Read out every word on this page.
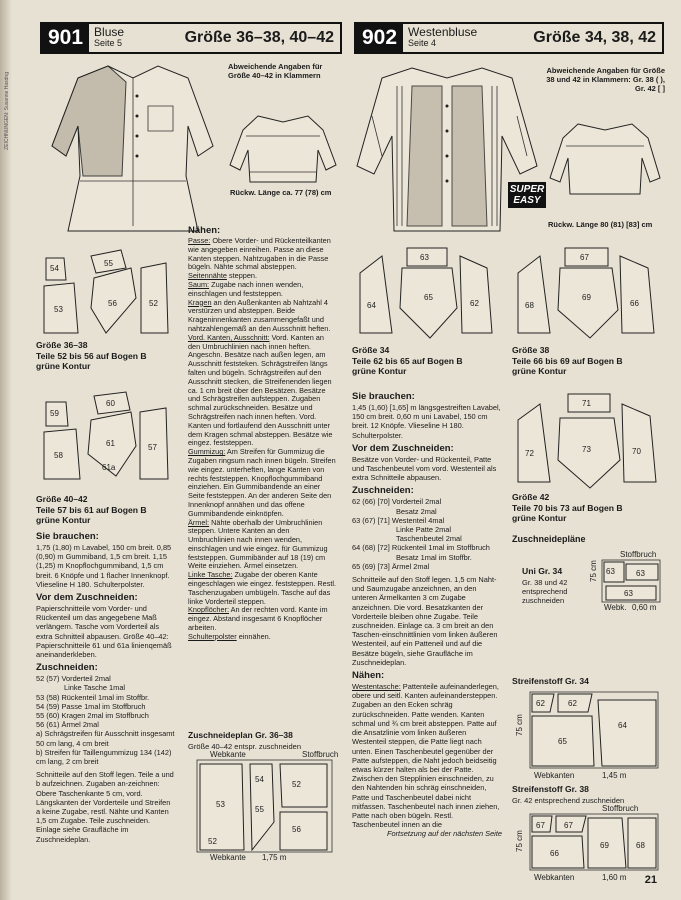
ZEICHNUNGEN: Susanne Hasdng
901 Bluse
Seite 5	Größe 36–38, 40–42 902 Westenbluse
Seite 4	Größe 34, 38, 42
Abweichende Angaben für Größe 40–42 in Klammern
Rückw. Länge ca. 77 (78) cm
54
55
53
56	52

Größe 36–38

Teile 52 bis 56 auf Bogen B

grüne Kontur

59
60
58
61
61a
57

Größe 40–42

Teile 57 bis 61 auf Bogen B

grüne Kontur

Sie brauchen:

1,75 (1,80) m Lavabel, 150 cm breit. 0,85 (0,90) m Gummiband, 1,5 cm breit. 1,15 (1,25) m Knopflochgummiband, 1,5 cm breit. 6 Knöpfe und 1 flacher Innenknopf. Vlieseline H 180. Schulterpolster.

Vor dem Zuschneiden:

Papierschnitteile vom Vorder- und Rückenteil um das angegebene Maß verlängern. Tasche vom Vorderteil als extra Schnitteil abpausen. Größe 40–42: Papierschnitteile 61 und 61a linienqemäß aneinanderkleben.

Zuschneiden:

52 (57) Vorderteil 2mal

Linke Tasche 1mal

53 (58) Rückenteil 1mal im Stoffbr.

54 (59) Passe 1mal im Stoffbruch

55 (60) Kragen 2mal im Stoffbruch

56 (61) Ärmel 2mal

a) Schrägstreifen für Ausschnitt insgesamt 50 cm lang, 4 cm breit

b) Streifen für Taillengummizug 134 (142) cm lang, 2 cm breit

Schnitteile auf den Stoff legen. Teile a und b aufzeichnen. Zugaben an-zeichnen: Obere Taschenkante 5 cm, vord. Längskanten der Vorderteile und Streifen a keine Zugabe, restl. Nähte und Kanten 1,5 cm Zugabe. Teile zuschneiden. Einlage siehe Graufläche im Zuschneideplan.

Nähen:

Passe: Obere Vorder- und Rückenteilkanten wie angegeben einreihen. Passe an diese Kanten steppen. Nahtzugaben in die Passe bügeln. Nähte schmal absteppen.

Seitennähte steppen.

Saum: Zugabe nach innen wenden, einschlagen und feststeppen.

Kragen an den Außenkanten ab Nahtzahl 4 verstürzen und absteppen. Beide Krageninnenkanten zusammengefaßt und nahtzahlengemäß an den Ausschnitt heften.

Vord. Kanten, Ausschnitt: Vord. Kanten an den Umbruchlinien nach innen heften. Angeschn. Besätze nach außen legen, am Ausschnitt feststeken. Schrägstreifen längs falten und bügeln. Schrägstreifen auf den Ausschnitt stecken, die Streifenenden liegen ca. 1 cm breit über den Besätzen. Besätze und Schrägstreifen aufsteppen. Zugaben schmal zurückschneiden. Besätze und Schrägstreifen nach innen heften. Vord. Kanten und fortlaufend den Ausschnitt unter dem Kragen schmal absteppen. Besätze wie eingez. feststeppen.

Gummizug: Am Streifen für Gummizug die Zugaben ringsum nach innen bügeln. Streifen wie eingez. unterheften, lange Kanten von rechts feststeppen. Knopflochgummiband einziehen. Ein Gummibandende an einer Seite feststeppen. An der anderen Seite den Innenknopf annähen und das offene Gummibandende einknöpfen.

Ärmel: Nähte oberhalb der Umbruchlinien steppen. Untere Kanten an den Umbruchlinien nach innen wenden, einschlagen und wie eingez. für Gummizug feststeppen. Gummibänder auf 18 (19) cm Weite einziehen. Ärmel einsetzen.

Linke Tasche: Zugabe der oberen Kante eingeschlagen wie eingez. feststeppen. Restl. Taschenzugaben umbügeln. Tasche auf das linke Vorderteil steppen.

Knopflöcher: An der rechten vord. Kante im eingez. Abstand insgesamt 6 Knopflöcher arbeiten.

Schulterpolster einnähen.

Zuschneideplan Gr. 36–38
Größe 40–42 entspr. zuschneiden
Webkante	Stoffbruch
Webkante 1,75 m
52
53
54
55
56
52
SUPER EASY
Abweichende Angaben für Größe 38 und 42 in Klammern: Gr. 38 ( ), Gr. 42 [ ]
Rückw. Länge 80 (81) [83] cm
63
64
65
62

Größe 34

Teile 62 bis 65 auf Bogen B

grüne Kontur

67
68
69
66

Größe 38

Teile 66 bis 69 auf Bogen B

grüne Kontur

71
72	73	70

Größe 42

Teile 70 bis 73 auf Bogen B

grüne Kontur

Sie brauchen:

1,45 (1,60) [1,65] m längsgestreiften Lavabel, 150 cm breit. 0,60 m uni Lavabel, 150 cm breit. 12 Knöpfe. Vlieseline H 180. Schulterpolster.

Vor dem Zuschneiden:

Besätze von Vorder- und Rückenteil, Patte und Taschenbeutel vom vord. Westenteil als extra Schnitteile abpausen.

Zuschneiden:

62 (66) [70] Vorderteil 2mal

Besatz 2mal

63 (67) [71] Westenteil 4mal

Linke Patte 2mal

Taschenbeutel 2mal

64 (68) [72] Rückenteil 1mal im Stoffbruch

Besatz 1mal im Stoffbr.

65 (69) [73] Ärmel 2mal

Schnitteile auf den Stoff legen. 1,5 cm Naht- und Saumzugabe anzeichnen, an den unteren Ärmelkanten 3 cm Zugabe anzeichnen. Die vord. Besatzkanten der Vorderteile bleiben ohne Zugabe. Teile zuschneiden. Einlage ca. 3 cm breit an den Taschen-einschnittlinien vom linken äußeren Westenteil, auf ein Patteneil und auf die Besätze bügeln, siehe Graufläche im Zuschneideplan.

Nähen:

Westentasche: Pattenteile aufeinanderlegen, obere und seitl. Kanten aufeinandersteppen. Zugaben an den Ecken schräg zurückschneiden. Patte wenden. Kanten schmal und ¾ cm breit absteppen. Patte auf die Ansatzlinie vom linken äußeren Westenteil steppen, die Patte liegt nach unten. Einen Taschenbeutel gegenüber der Patte aufsteppen, die Naht jedoch beidseitig etwas kürzer halten als bei der Patte. Zwischen den Stepplinien einschneiden, zu den Nahtenden hin schräg einschneiden, Patte und Taschenbeutel dabei nicht mitfassen. Taschenbeutel nach innen ziehen, Patte nach oben bügeln. Restl. Taschenbeutel innen an die

Fortsetzung auf der nächsten Seite

Zuschneidepläne
Uni Gr. 34
Gr. 38 und 42 entsprechend zuschneiden
Stoffbruch
63	63
63
Webk. 0,60 m
75 cm
Streifenstoff Gr. 34
62	62
64
65
Webkanten	1,45 m
75 cm
Streifenstoff Gr. 38
Gr. 42 entsprechend zuschneiden
Stoffbruch
67 67
66
69	68
Webkanten	1,60 m
75 cm
21
